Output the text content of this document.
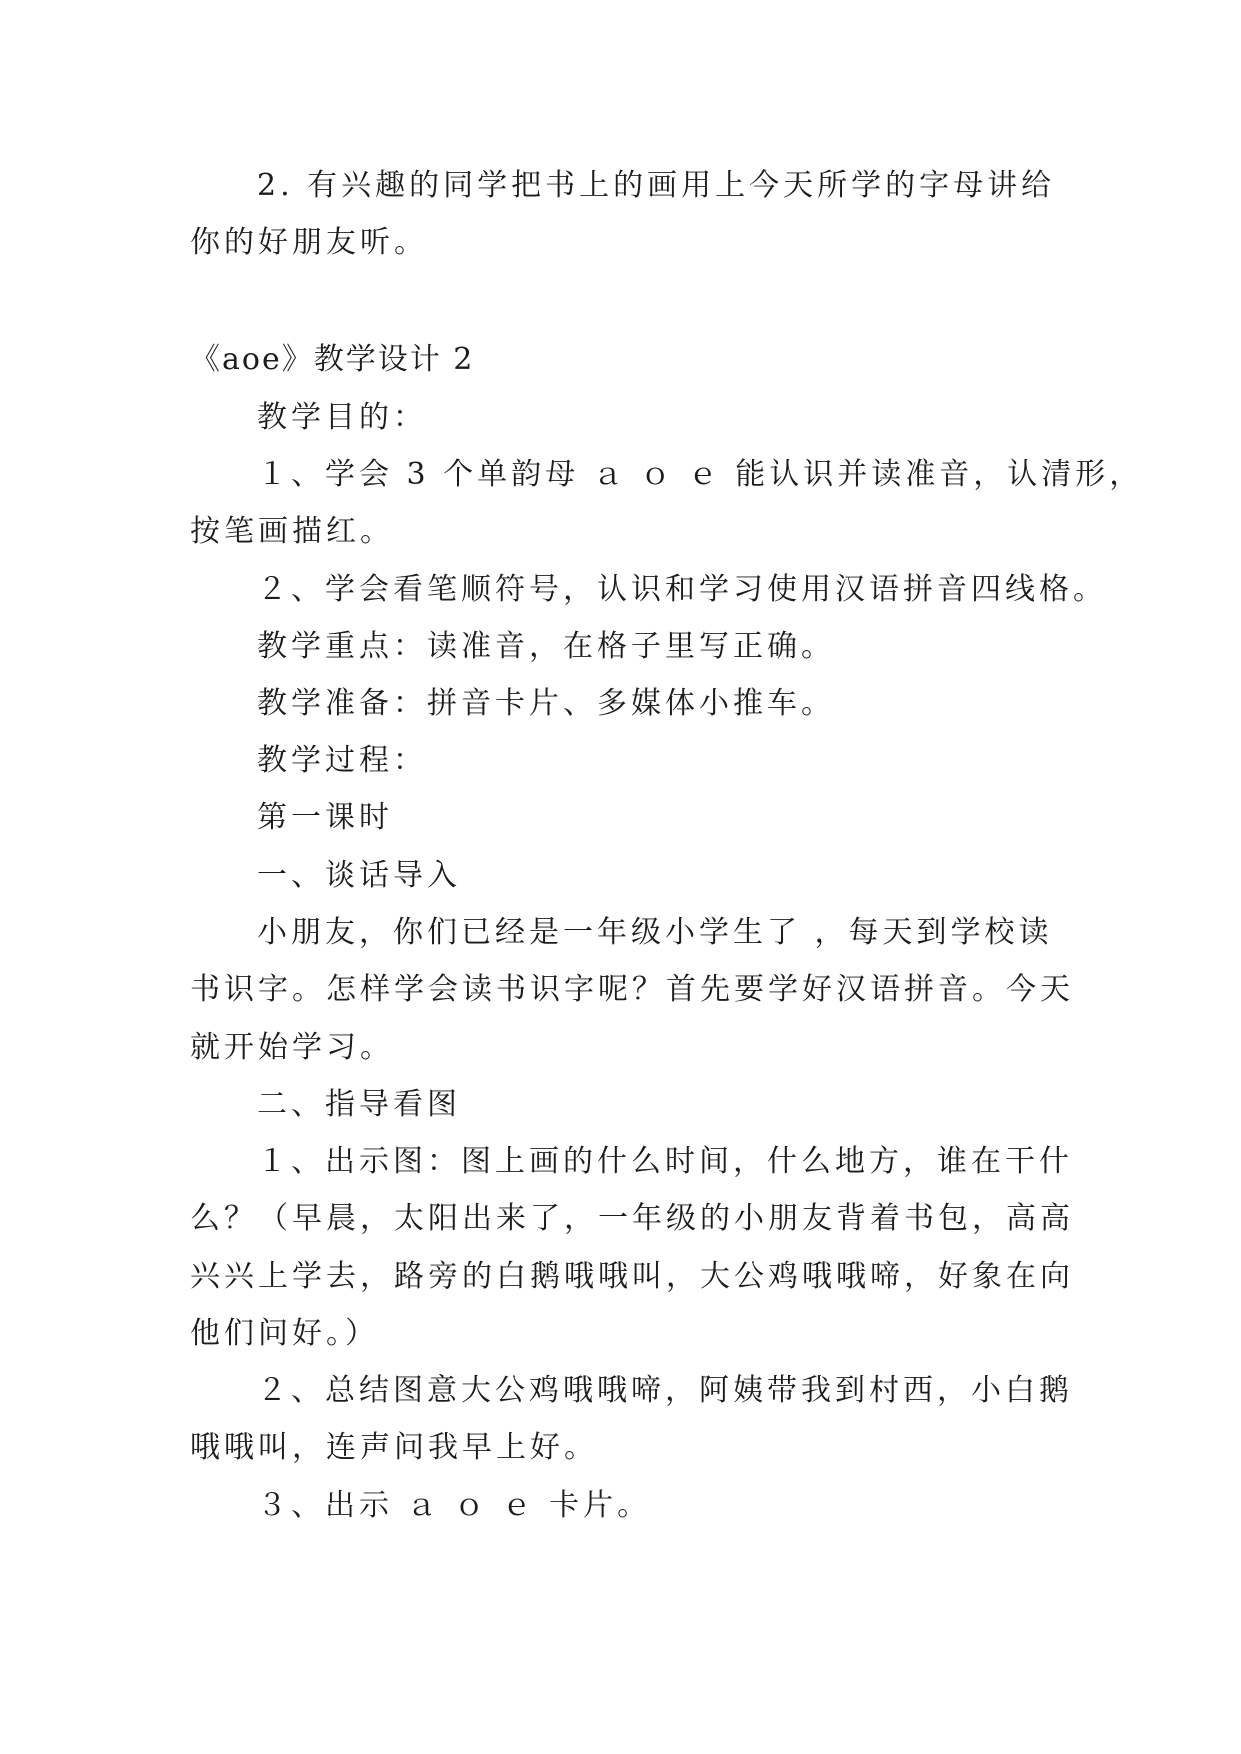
2. 有兴趣的同学把书上的画用上今天所学的字母讲给
你的好朋友听。
《aoe》教学设计 2
教学目的：
１、学会 3 个单韵母 ａ ｏ ｅ 能认识并读准音，认清形，
按笔画描红。
２、学会看笔顺符号，认识和学习使用汉语拼音四线格。
教学重点：读准音，在格子里写正确。
教学准备：拼音卡片、多媒体小推车。
教学过程：
第一课时
一、谈话导入
小朋友，你们已经是一年级小学生了 ，每天到学校读
书识字。怎样学会读书识字呢？首先要学好汉语拼音。今天
就开始学习。
二、指导看图
１、出示图：图上画的什么时间，什么地方，谁在干什
么？（早晨，太阳出来了，一年级的小朋友背着书包，高高
兴兴上学去，路旁的白鹅哦哦叫，大公鸡哦哦啼，好象在向
他们问好。）
２、总结图意大公鸡哦哦啼，阿姨带我到村西，小白鹅
哦哦叫，连声问我早上好。
３、出示 ａ ｏ ｅ 卡片。
